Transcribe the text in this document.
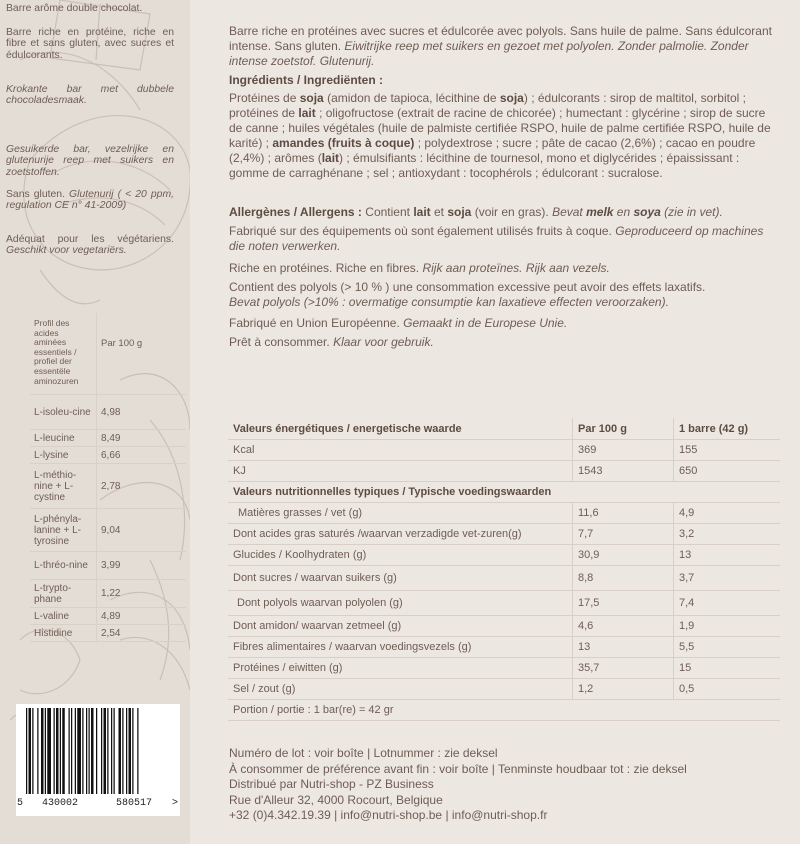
Barre arôme double chocolat.
Barre riche en protéine, riche en fibre et sans gluten, avec sucres et édulcorants.
Krokante bar met dubbele chocoladesmaak.
Gesuikerde bar, vezelrijke en glutenurije reep met suikers en zoetstoffen.
Sans gluten. Glutenurij ( < 20 ppm, regulation CE n° 41-2009)
Adéquat pour les végétariens. Geschikt voor vegetariërs.
Profil des acides aminées essentiels / profiel der essentële aminozuren	Par 100 g
L-isoleu-cine	4,98
L-leucine	8,49
L-lysine	6,66
L-méthio-nine + L-cystine	2,78
L-phényla-lanine + L-tyrosine	9,04
L-thréo-nine	3,99
L-trypto-phane	1,22
L-valine	4,89
Histidine	2,54
5 430002	580517 >

Barre riche en protéines avec sucres et édulcorée avec polyols. Sans huile de palme. Sans édulcorant intense. Sans gluten. Eiwitrijke reep met suikers en gezoet met polyolen. Zonder palmolie. Zonder intense zoetstof. Glutenurij.

Ingrédients / Ingrediënten :

Protéines de soja (amidon de tapioca, lécithine de soja) ; édulcorants : sirop de maltitol, sorbitol ; protéines de lait ; oligofructose (extrait de racine de chicorée) ; humectant : glycérine ; sirop de sucre de canne ; huiles végétales (huile de palmiste certifiée RSPO, huile de palme certifiée RSPO, huile de karité) ; amandes (fruits à coque) ; polydextrose ; sucre ; pâte de cacao (2,6%) ; cacao en poudre (2,4%) ; arômes (lait) ; émulsifiants : lécithine de tournesol, mono et diglycérides ; épaississant : gomme de carraghénane ; sel ; antioxydant : tocophérols ; édulcorant : sucralose.

Allergènes / Allergens : Contient lait et soja (voir en gras). Bevat melk en soya (zie in vet).

Fabriqué sur des équipements où sont également utilisés fruits à coque. Geproduceerd op machines die noten verwerken.

Riche en protéines. Riche en fibres. Rijk aan proteïnes. Rijk aan vezels.

Contient des polyols (> 10 % ) une consommation excessive peut avoir des effets laxatifs.
Bevat polyols (>10% : overmatige consumptie kan laxatieve effecten veroorzaken).

Fabriqué en Union Européenne. Gemaakt in de Europese Unie.

Prêt à consommer. Klaar voor gebruik.

Valeurs énergétiques / energetische waarde	Par 100 g	1 barre (42 g)
Kcal	369	155
KJ	1543	650
Valeurs nutritionnelles typiques / Typische voedingswaarden		
Matières grasses / vet (g)	11,6	4,9
Dont acides gras saturés /waarvan verzadigde vet-zuren(g)	7,7	3,2
Glucides / Koolhydraten (g)	30,9	13
Dont sucres / waarvan suikers (g)	8,8	3,7
Dont polyols waarvan polyolen (g)	17,5	7,4
Dont amidon/ waarvan zetmeel (g)	4,6	1,9
Fibres alimentaires / waarvan voedingsvezels (g)	13	5,5
Protéines / eiwitten (g)	35,7	15
Sel / zout (g)	1,2	0,5
Portion / portie : 1 bar(re) = 42 gr		
Numéro de lot : voir boîte | Lotnummer : zie deksel
À consommer de préférence avant fin : voir boîte | Tenminste houdbaar tot : zie deksel
Distribué par Nutri-shop - PZ Business
Rue d'Alleur 32, 4000 Rocourt, Belgique
+32 (0)4.342.19.39 | info@nutri-shop.be | info@nutri-shop.fr
